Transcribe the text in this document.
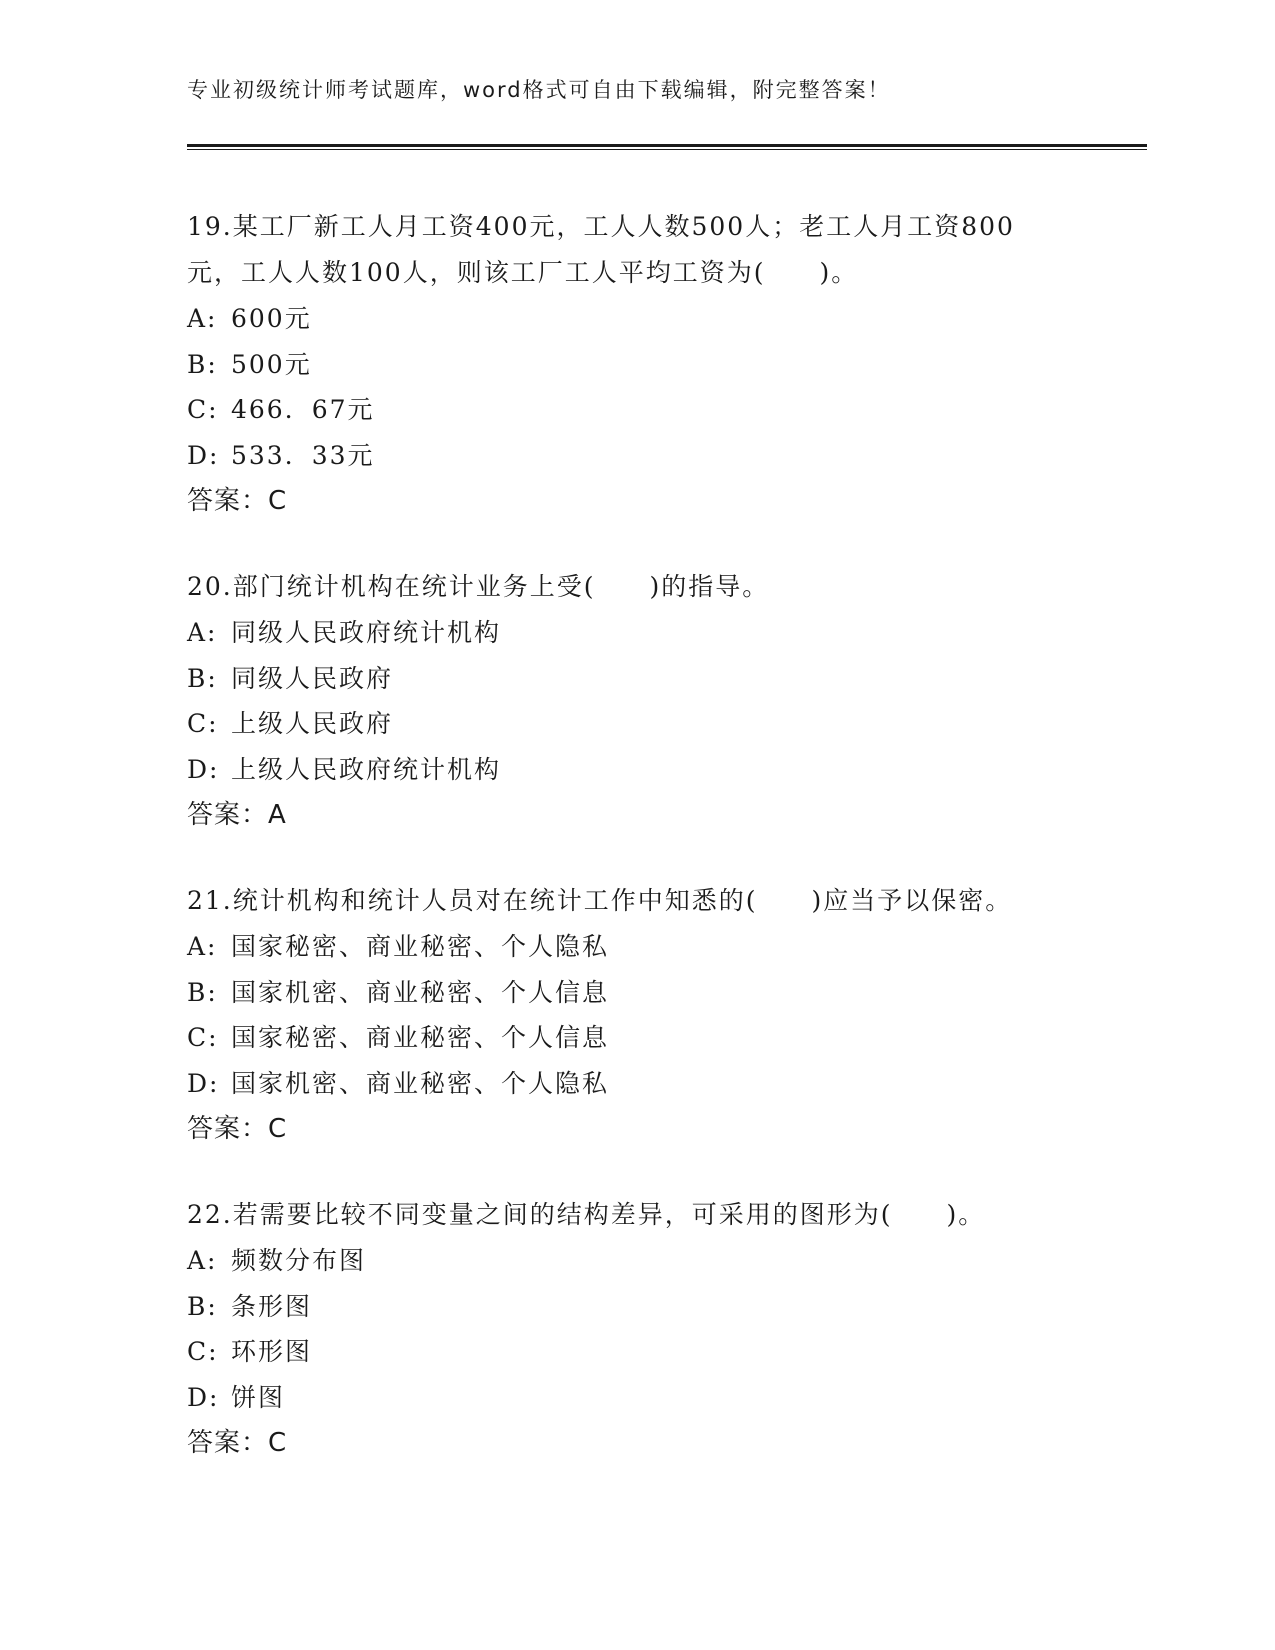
专业初级统计师考试题库，word格式可自由下载编辑，附完整答案！

19.某工厂新工人月工资400元，工人人数500人；老工人月工资800元，工人人数100人，则该工厂工人平均工资为(　　)。

A: 600元

B: 500元

C: 466．67元

D: 533．33元

答案：C

20.部门统计机构在统计业务上受(　　)的指导。

A: 同级人民政府统计机构

B: 同级人民政府

C: 上级人民政府

D: 上级人民政府统计机构

答案：A

21.统计机构和统计人员对在统计工作中知悉的(　　)应当予以保密。

A: 国家秘密、商业秘密、个人隐私

B: 国家机密、商业秘密、个人信息

C: 国家秘密、商业秘密、个人信息

D: 国家机密、商业秘密、个人隐私

答案：C

22.若需要比较不同变量之间的结构差异，可采用的图形为(　　)。

A: 频数分布图

B: 条形图

C: 环形图

D: 饼图

答案：C
